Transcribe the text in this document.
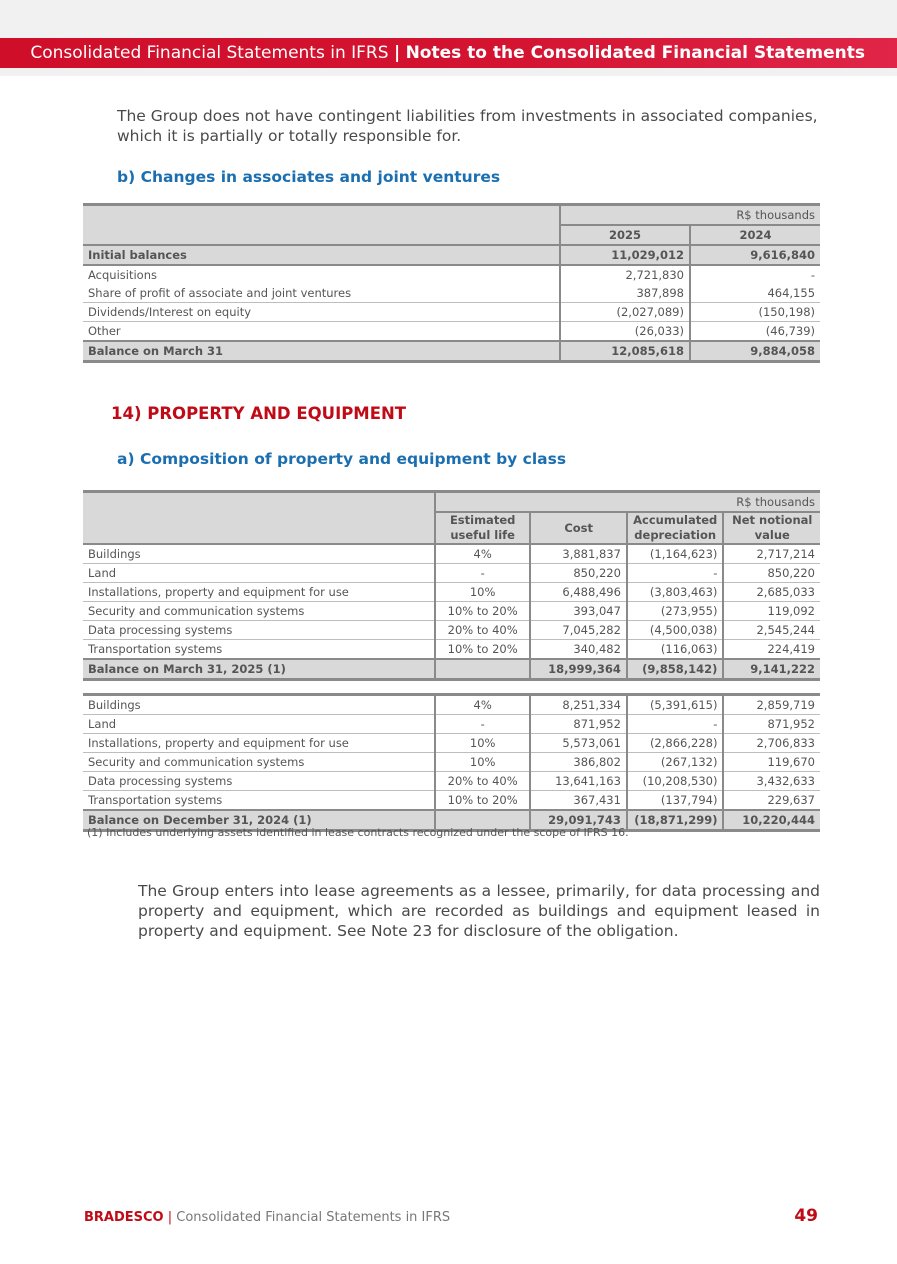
Consolidated Financial Statements in IFRS | Notes to the Consolidated Financial Statements

The Group does not have contingent liabilities from investments in associated companies, which it is partially or totally responsible for.

b) Changes in associates and joint ventures

	R$ thousands	
	2025	2024
Initial balances	11,029,012	9,616,840
Acquisitions	2,721,830	-
Share of profit of associate and joint ventures	387,898	464,155
Dividends/Interest on equity	(2,027,089)	(150,198)
Other	(26,033)	(46,739)
Balance on March 31	12,085,618	9,884,058

14) PROPERTY AND EQUIPMENT

a) Composition of property and equipment by class

	R$ thousands			
	Estimated useful life	Cost	Accumulated depreciation	Net notional value
Buildings	4%	3,881,837	(1,164,623)	2,717,214
Land	-	850,220	-	850,220
Installations, property and equipment for use	10%	6,488,496	(3,803,463)	2,685,033
Security and communication systems	10% to 20%	393,047	(273,955)	119,092
Data processing systems	20% to 40%	7,045,282	(4,500,038)	2,545,244
Transportation systems	10% to 20%	340,482	(116,063)	224,419
Balance on March 31, 2025 (1)		18,999,364	(9,858,142)	9,141,222
Buildings	4%	8,251,334	(5,391,615)	2,859,719
Land	-	871,952	-	871,952
Installations, property and equipment for use	10%	5,573,061	(2,866,228)	2,706,833
Security and communication systems	10%	386,802	(267,132)	119,670
Data processing systems	20% to 40%	13,641,163	(10,208,530)	3,432,633
Transportation systems	10% to 20%	367,431	(137,794)	229,637
Balance on December 31, 2024 (1)		29,091,743	(18,871,299)	10,220,444

(1) Includes underlying assets identified in lease contracts recognized under the scope of IFRS 16.

The Group enters into lease agreements as a lessee, primarily, for data processing and property and equipment, which are recorded as buildings and equipment leased in property and equipment. See Note 23 for disclosure of the obligation.

BRADESCO | Consolidated Financial Statements in IFRS	49
